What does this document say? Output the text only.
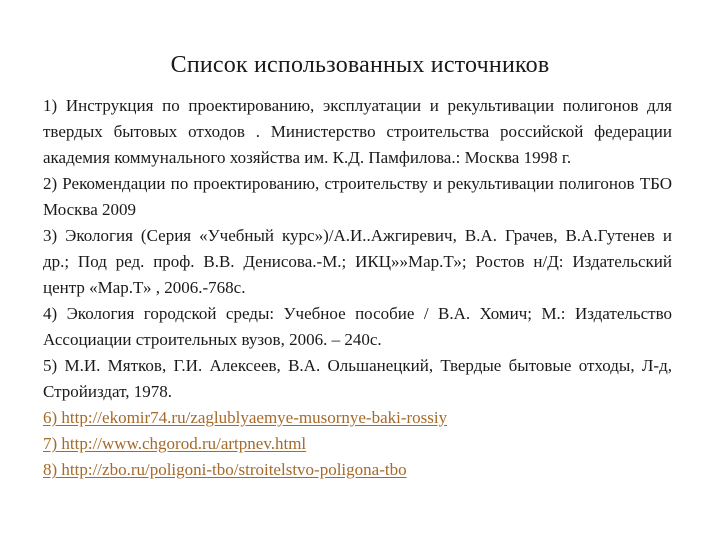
Список использованных источников

1) Инструкция по проектированию, эксплуатации и рекультивации полигонов для твердых бытовых отходов . Министерство строительства российской федерации академия коммунального хозяйства им. К.Д. Памфилова.: Москва 1998 г.

2) Рекомендации по проектированию, строительству и рекультивации полигонов ТБО Москва 2009

3) Экология (Серия «Учебный курс»)/А.И..Ажгиревич, В.А. Грачев, В.А.Гутенев и др.; Под ред. проф. В.В. Денисова.-М.; ИКЦ»»Мар.Т»; Ростов н/Д: Издательский центр «Мар.Т» , 2006.-768с.

4) Экология городской среды: Учебное пособие / В.А. Хомич; М.: Издательство Ассоциации строительных вузов, 2006. – 240с.

5) М.И. Мятков, Г.И. Алексеев, В.А. Ольшанецкий, Твердые бытовые отходы, Л-д, Стройиздат, 1978.

6) http://ekomir74.ru/zaglublyaemye-musornye-baki-rossiy
7) http://www.chgorod.ru/artpnev.html
8) http://zbo.ru/poligoni-tbo/stroitelstvo-poligona-tbo
